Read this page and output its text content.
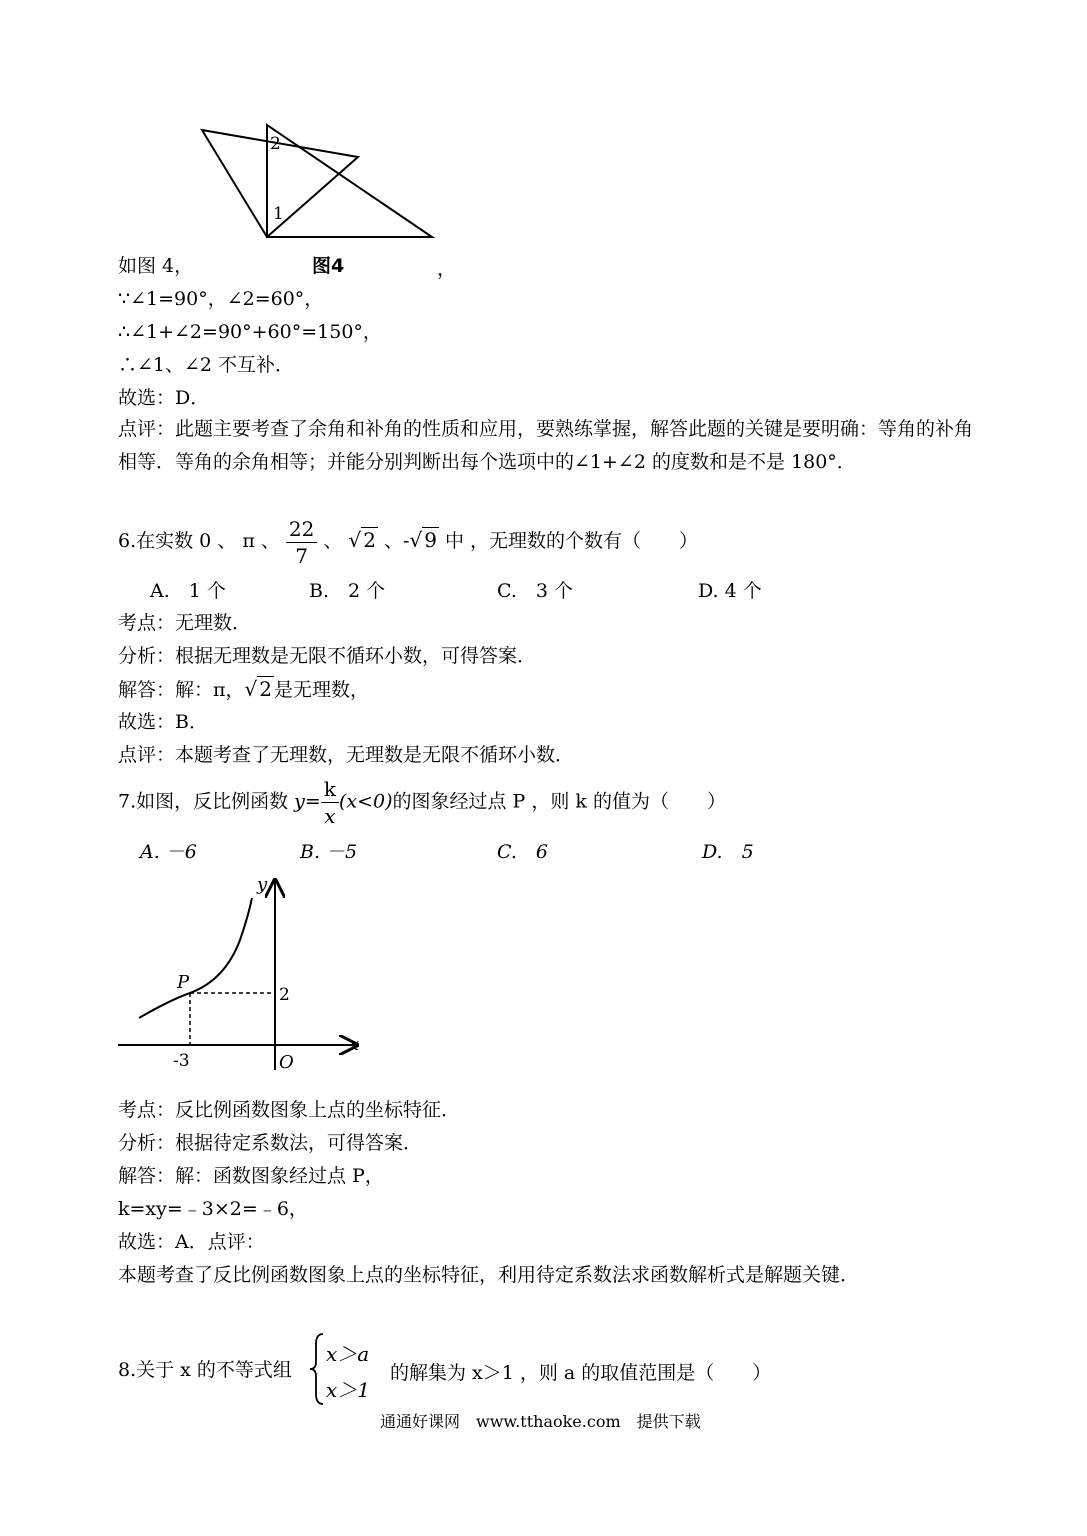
2
1
如图 4，	图4	，
∵∠1=90°，∠2=60°，
∴∠1+∠2=90°+60°=150°，
∴∠1、∠2 不互补．
故选：D．
点评：此题主要考查了余角和补角的性质和应用，要熟练掌握，解答此题的关键是要明确：等角的补角相等．等角的余角相等；并能分别判断出每个选项中的∠1+∠2 的度数和是不是 180°．
6.在实数 0 、 π 、 $\frac{22}{7}$ 、 √ 2 、-√ 9 中 ，无理数的个数有（　　）
A.　1 个	B.　2 个	C.　3 个	D. 4 个
考点：无理数．
分析：根据无理数是无限不循环小数，可得答案．
解答：解：π，√ 2 是无理数，
故选：B．
点评：本题考查了无理数，无理数是无限不循环小数．
7.如图，反比例函数 $y= \frac{k}{x} (x<0)$的图象经过点 P ，则 k 的值为（　　）
A. －6	B. －5	C.　6	D.　5
y
x
P
2
-3	O
考点：反比例函数图象上点的坐标特征．
分析：根据待定系数法，可得答案．
解答：解：函数图象经过点 P，
k=xy=﹣3×2=﹣6，
故选：A．点评：
本题考查了反比例函数图象上点的坐标特征，利用待定系数法求函数解析式是解题关键．
8.关于 x 的不等式组
x＞a
x＞1
的解集为 x＞1 ，则 a 的取值范围是（　　）
通通好课网　www.tthaoke.com　提供下载
